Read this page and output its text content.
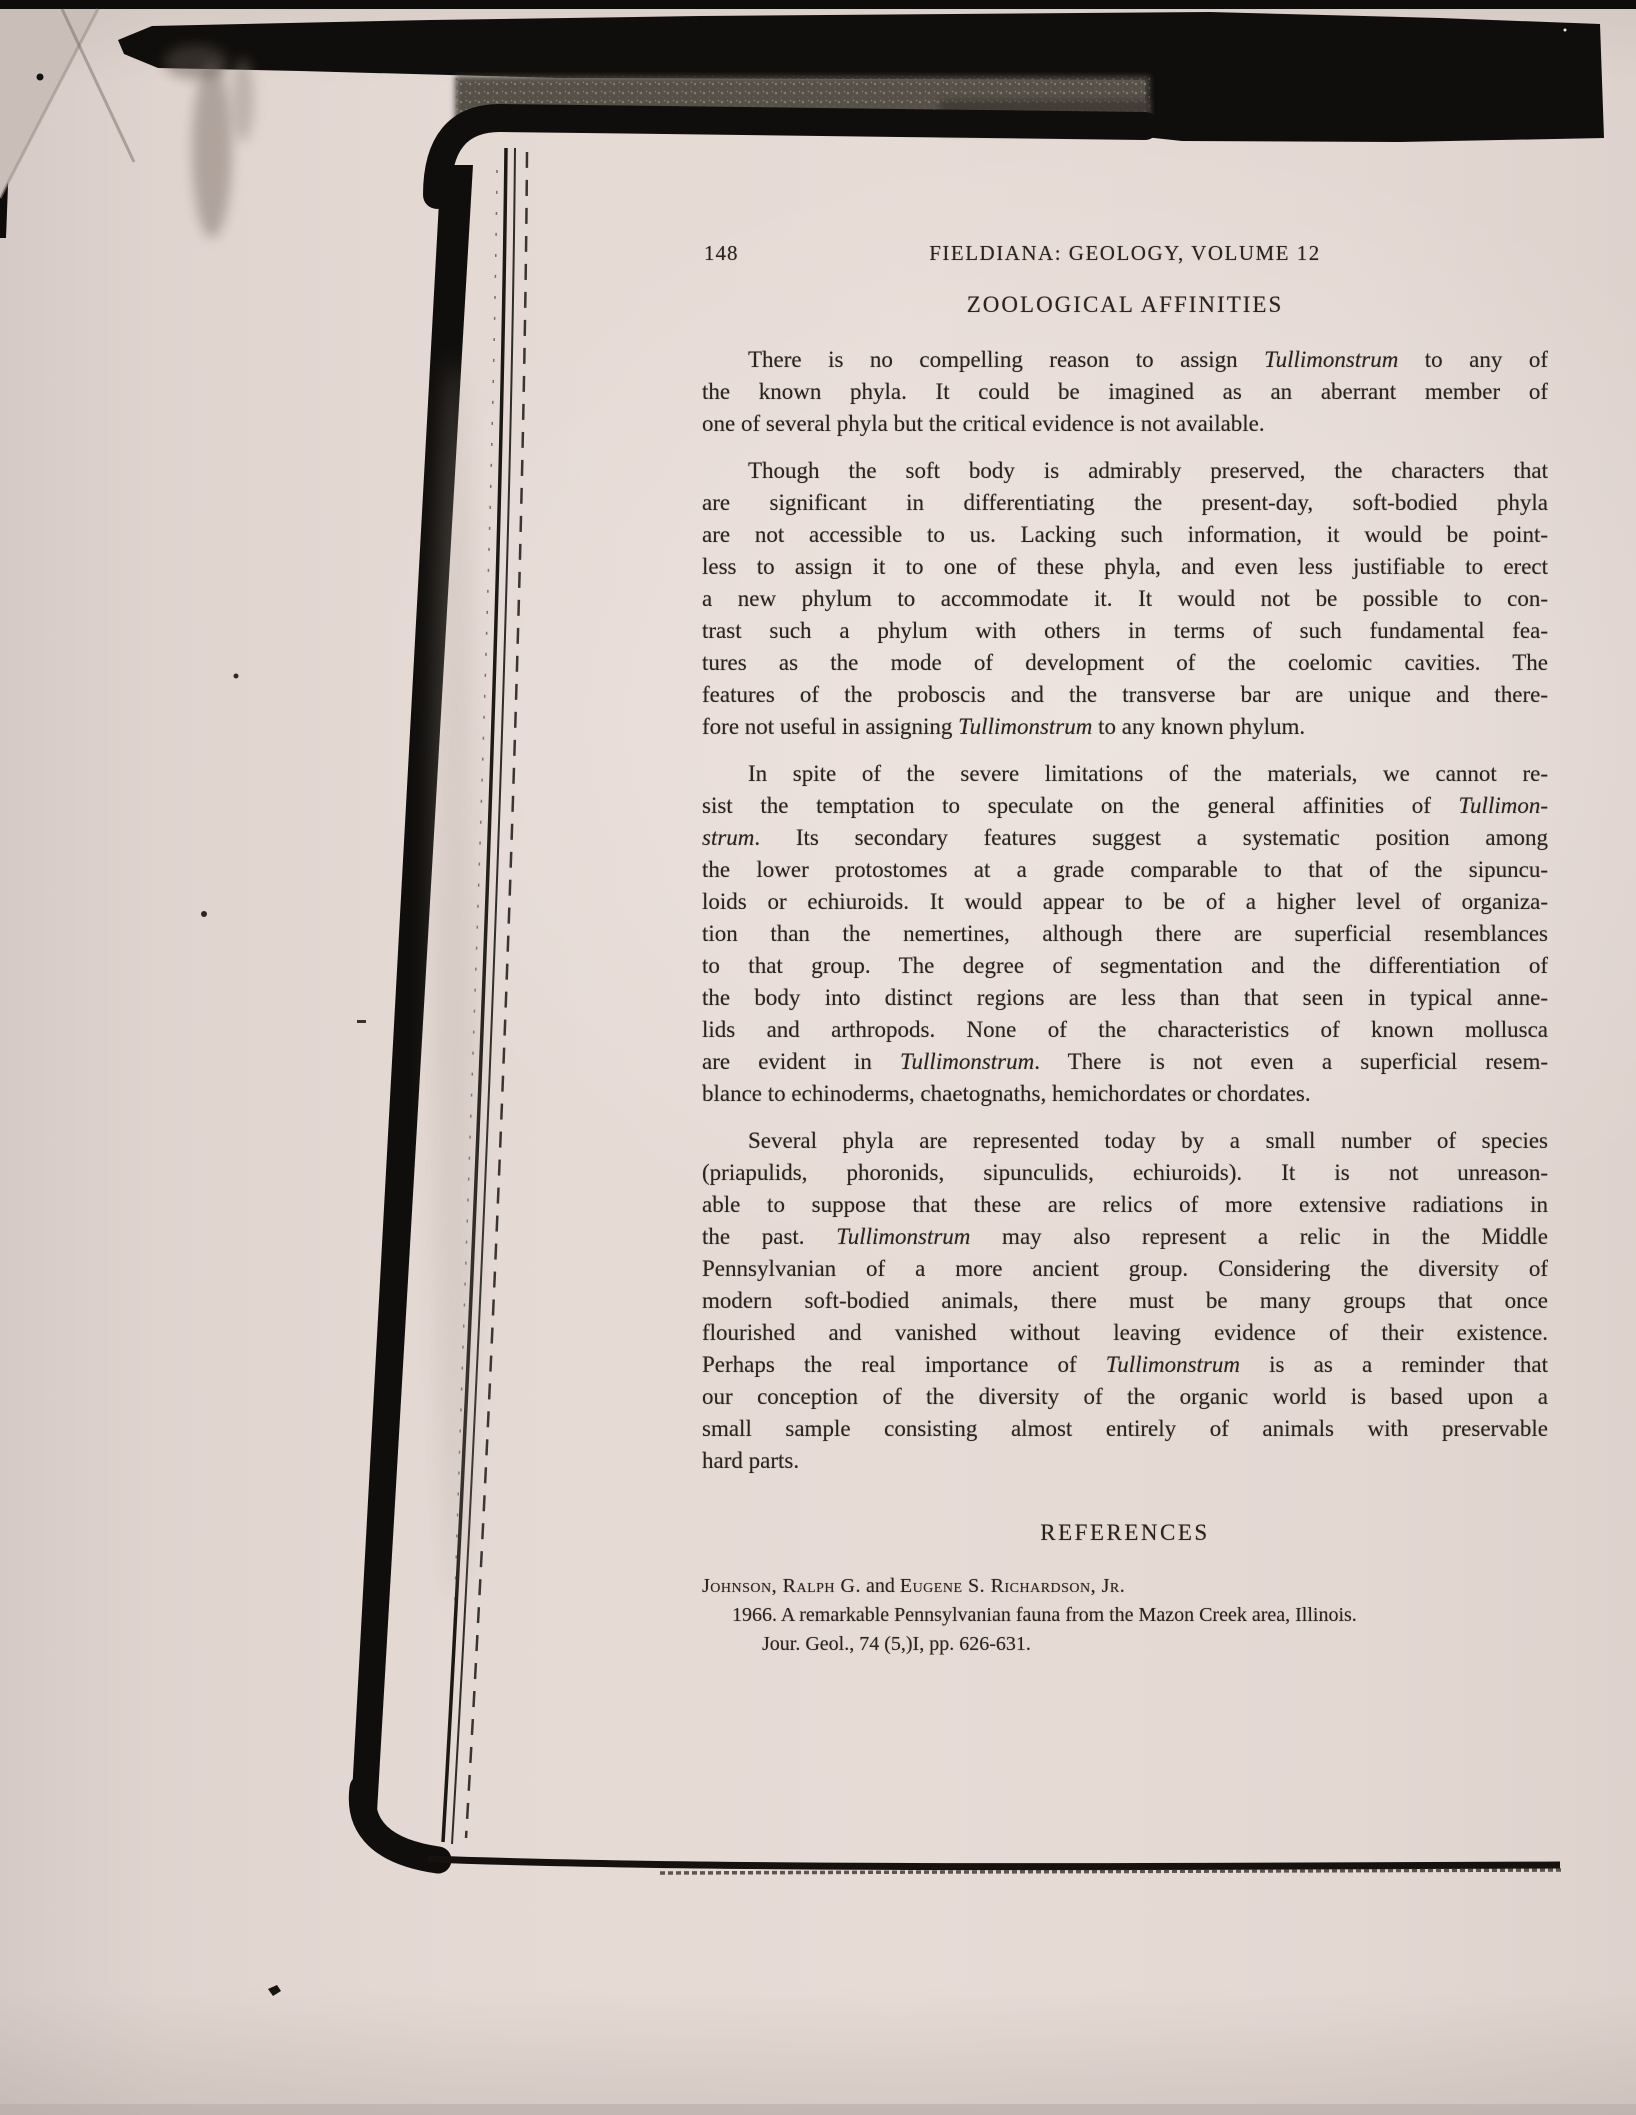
148	FIELDIANA: GEOLOGY, VOLUME 12
ZOOLOGICAL AFFINITIES

There is no compelling reason to assign Tullimonstrum to any of
the known phyla. It could be imagined as an aberrant member of
one of several phyla but the critical evidence is not available.

Though the soft body is admirably preserved, the characters that
are significant in differentiating the present-day, soft-bodied phyla
are not accessible to us. Lacking such information, it would be point-
less to assign it to one of these phyla, and even less justifiable to erect
a new phylum to accommodate it. It would not be possible to con-
trast such a phylum with others in terms of such fundamental fea-
tures as the mode of development of the coelomic cavities. The
features of the proboscis and the transverse bar are unique and there-
fore not useful in assigning Tullimonstrum to any known phylum.

In spite of the severe limitations of the materials, we cannot re-
sist the temptation to speculate on the general affinities of Tullimon-
strum. Its secondary features suggest a systematic position among
the lower protostomes at a grade comparable to that of the sipuncu-
loids or echiuroids. It would appear to be of a higher level of organiza-
tion than the nemertines, although there are superficial resemblances
to that group. The degree of segmentation and the differentiation of
the body into distinct regions are less than that seen in typical anne-
lids and arthropods. None of the characteristics of known mollusca
are evident in Tullimonstrum. There is not even a superficial resem-
blance to echinoderms, chaetognaths, hemichordates or chordates.

Several phyla are represented today by a small number of species
(priapulids, phoronids, sipunculids, echiuroids). It is not unreason-
able to suppose that these are relics of more extensive radiations in
the past. Tullimonstrum may also represent a relic in the Middle
Pennsylvanian of a more ancient group. Considering the diversity of
modern soft-bodied animals, there must be many groups that once
flourished and vanished without leaving evidence of their existence.
Perhaps the real importance of Tullimonstrum is as a reminder that
our conception of the diversity of the organic world is based upon a
small sample consisting almost entirely of animals with preservable
hard parts.

REFERENCES
Johnson, Ralph G. and Eugene S. Richardson, Jr.
1966. A remarkable Pennsylvanian fauna from the Mazon Creek area, Illinois.
Jour. Geol., 74 (5,)I, pp. 626-631.
